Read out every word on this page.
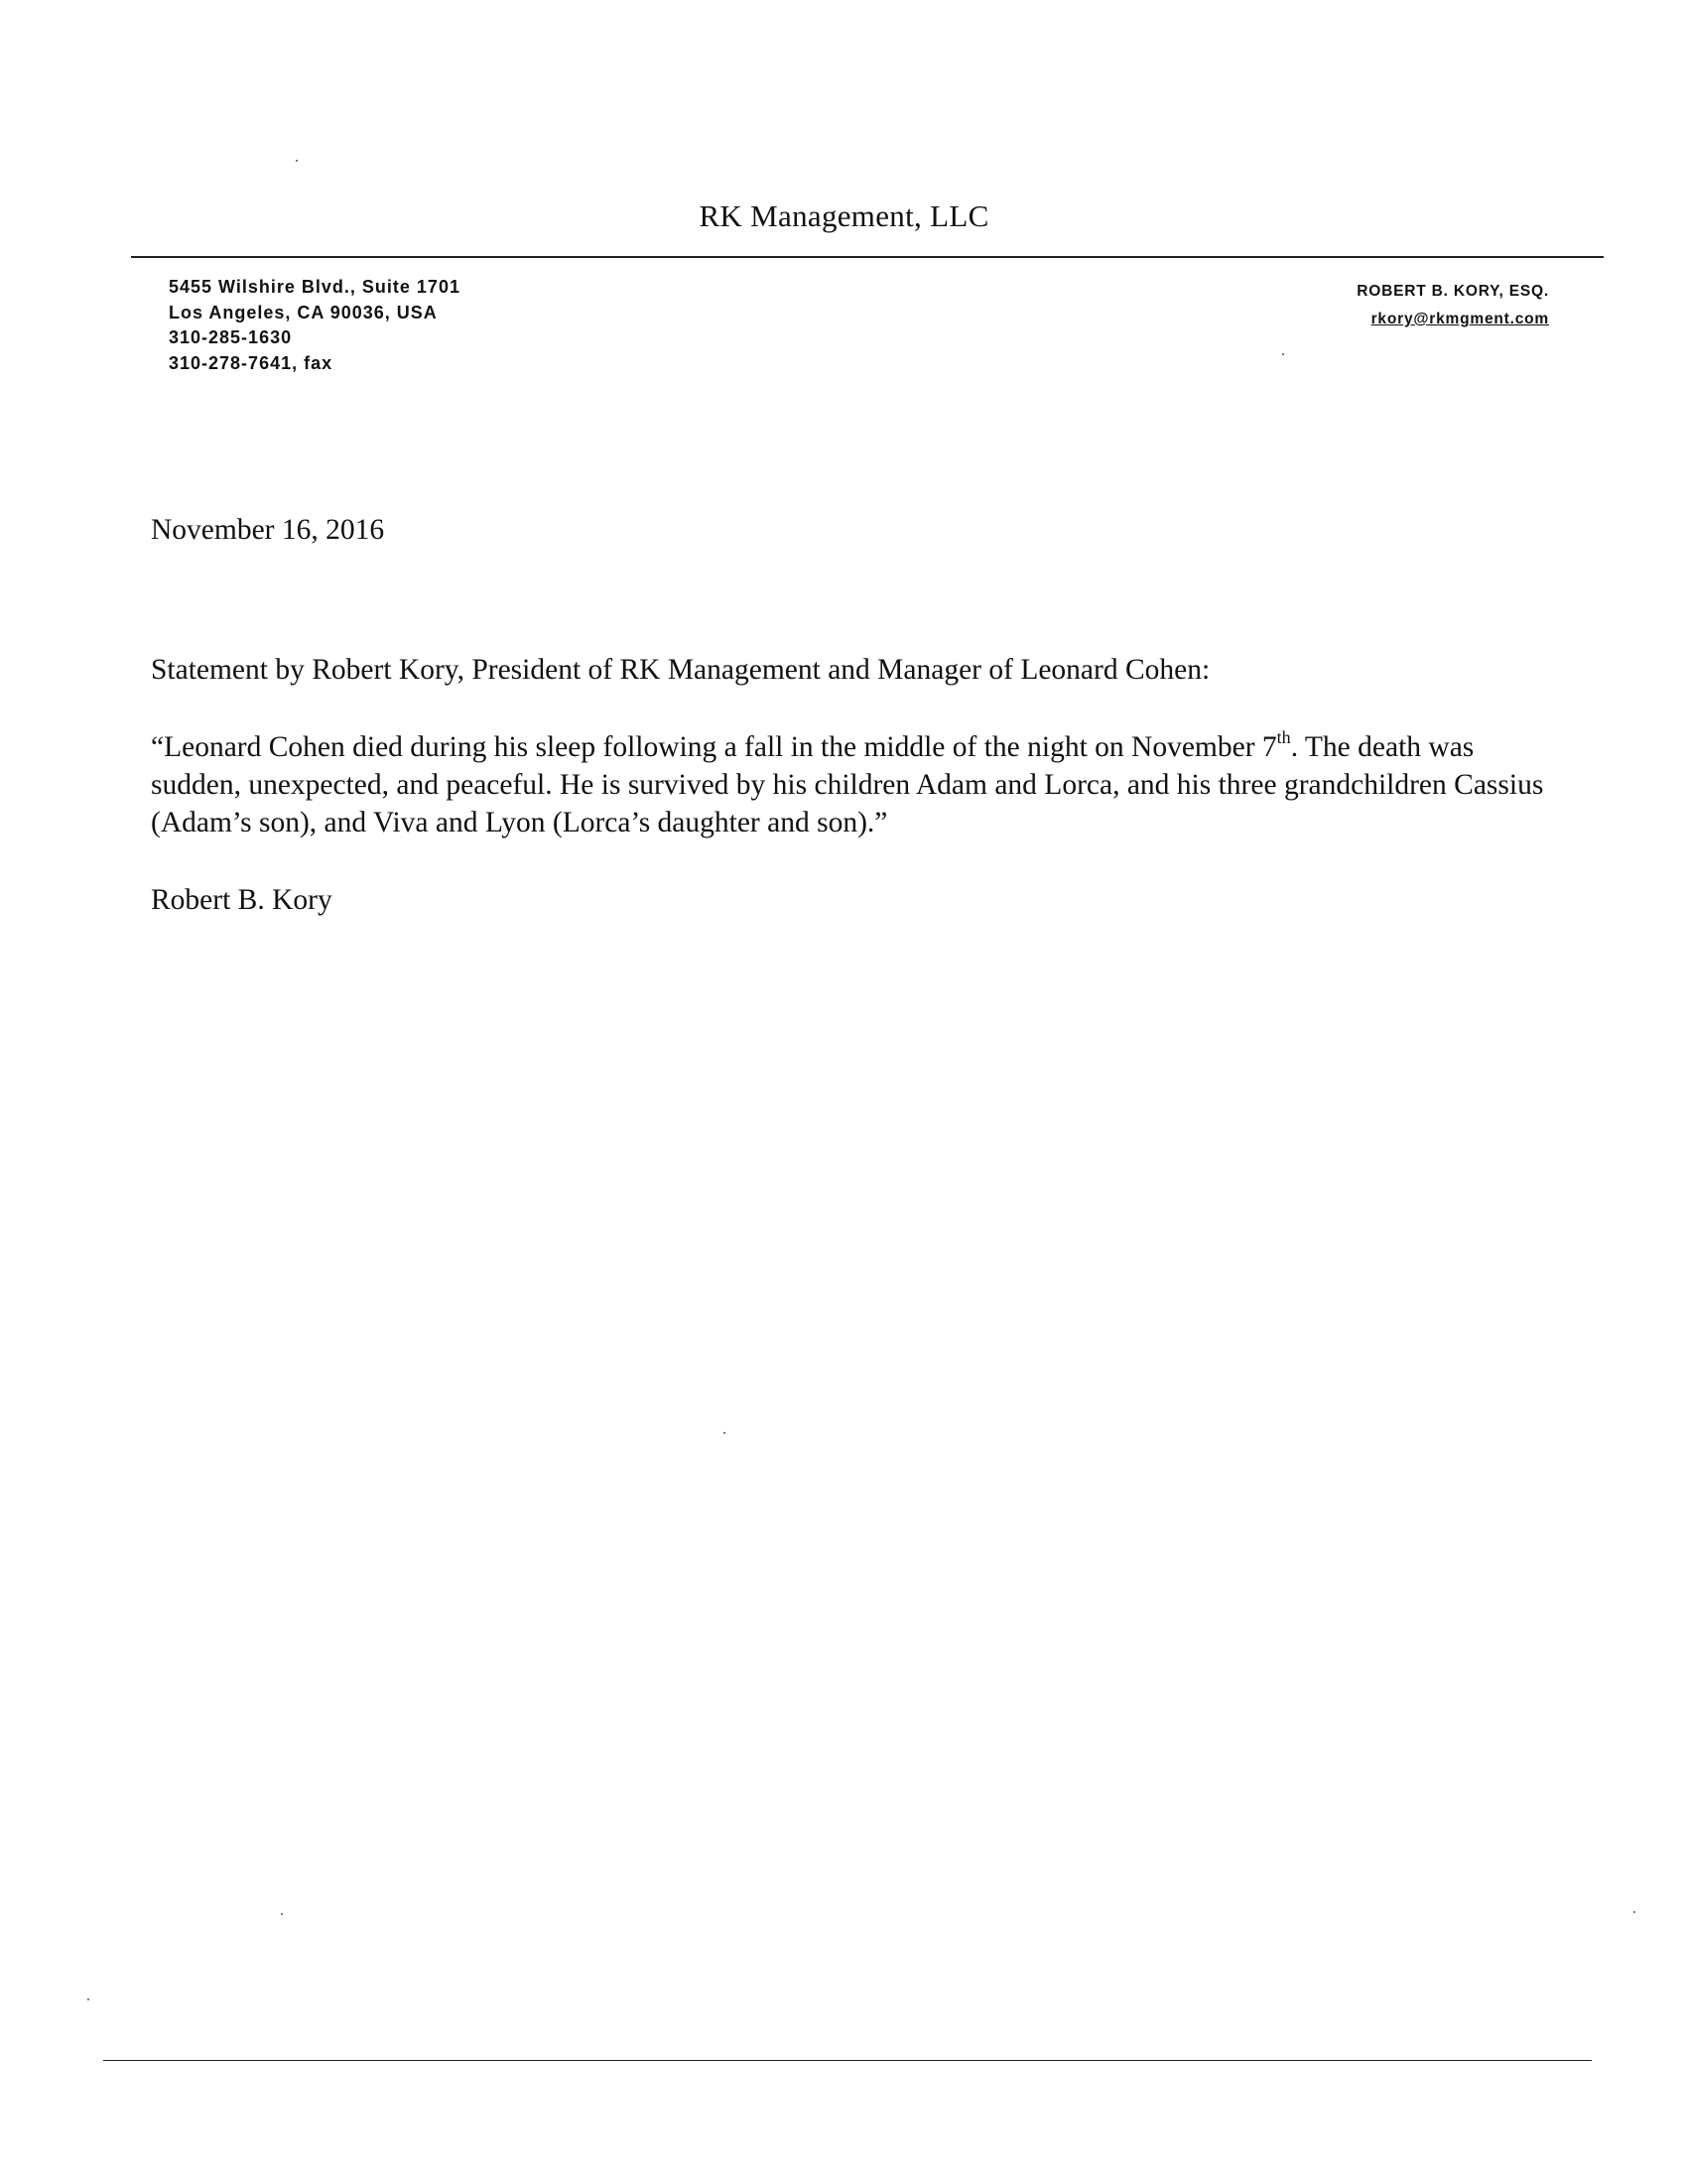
RK Management, LLC
5455 Wilshire Blvd., Suite 1701
Los Angeles, CA 90036, USA
310-285-1630
310-278-7641, fax
ROBERT B. KORY, ESQ.
rkory@rkmgment.com
November 16, 2016
Statement by Robert Kory, President of RK Management and Manager of Leonard Cohen:
“Leonard Cohen died during his sleep following a fall in the middle of the night on November 7th. The death was sudden, unexpected, and peaceful. He is survived by his children Adam and Lorca, and his three grandchildren Cassius (Adam’s son), and Viva and Lyon (Lorca’s daughter and son).”
Robert B. Kory
